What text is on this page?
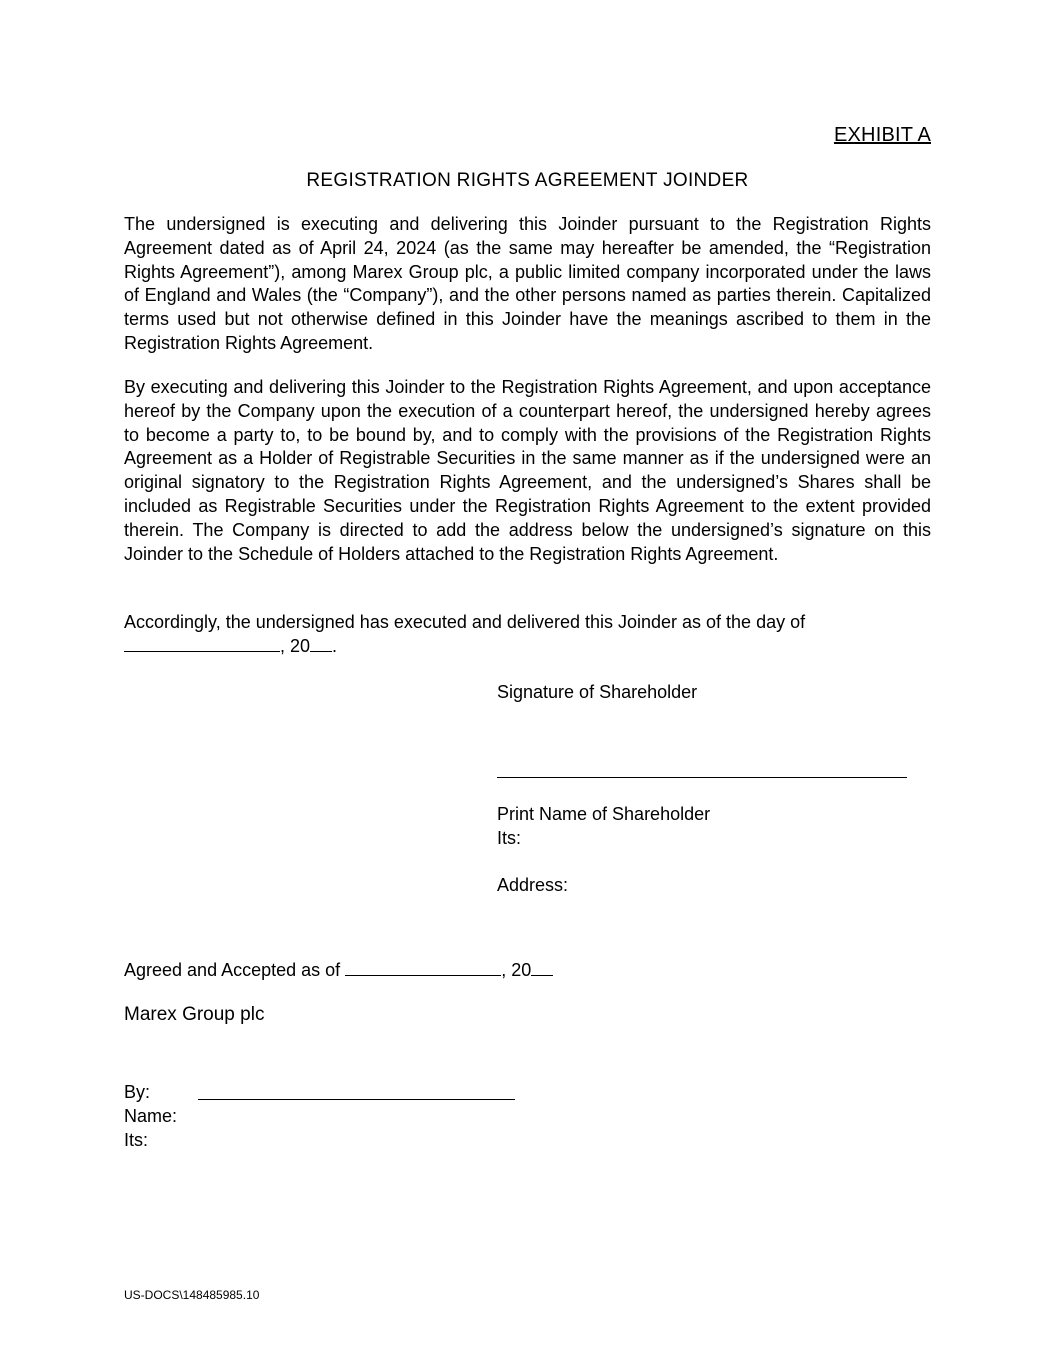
EXHIBIT A
REGISTRATION RIGHTS AGREEMENT JOINDER

The undersigned is executing and delivering this Joinder pursuant to the Registration Rights Agreement dated as of April 24, 2024 (as the same may hereafter be amended, the “Registration Rights Agreement”), among Marex Group plc, a public limited company incorporated under the laws of England and Wales (the “Company”), and the other persons named as parties therein. Capitalized terms used but not otherwise defined in this Joinder have the meanings ascribed to them in the Registration Rights Agreement.

By executing and delivering this Joinder to the Registration Rights Agreement, and upon acceptance hereof by the Company upon the execution of a counterpart hereof, the undersigned hereby agrees to become a party to, to be bound by, and to comply with the provisions of the Registration Rights Agreement as a Holder of Registrable Securities in the same manner as if the undersigned were an original signatory to the Registration Rights Agreement, and the undersigned’s Shares shall be included as Registrable Securities under the Registration Rights Agreement to the extent provided therein. The Company is directed to add the address below the undersigned’s signature on this Joinder to the Schedule of Holders attached to the Registration Rights Agreement.

Accordingly, the undersigned has executed and delivered this Joinder as of the day of
, 20 .

Signature of Shareholder
Print Name of Shareholder
Its:
Address:
Agreed and Accepted as of	, 20
Marex Group plc
By:
Name:
Its:
US-DOCS\148485985.10
